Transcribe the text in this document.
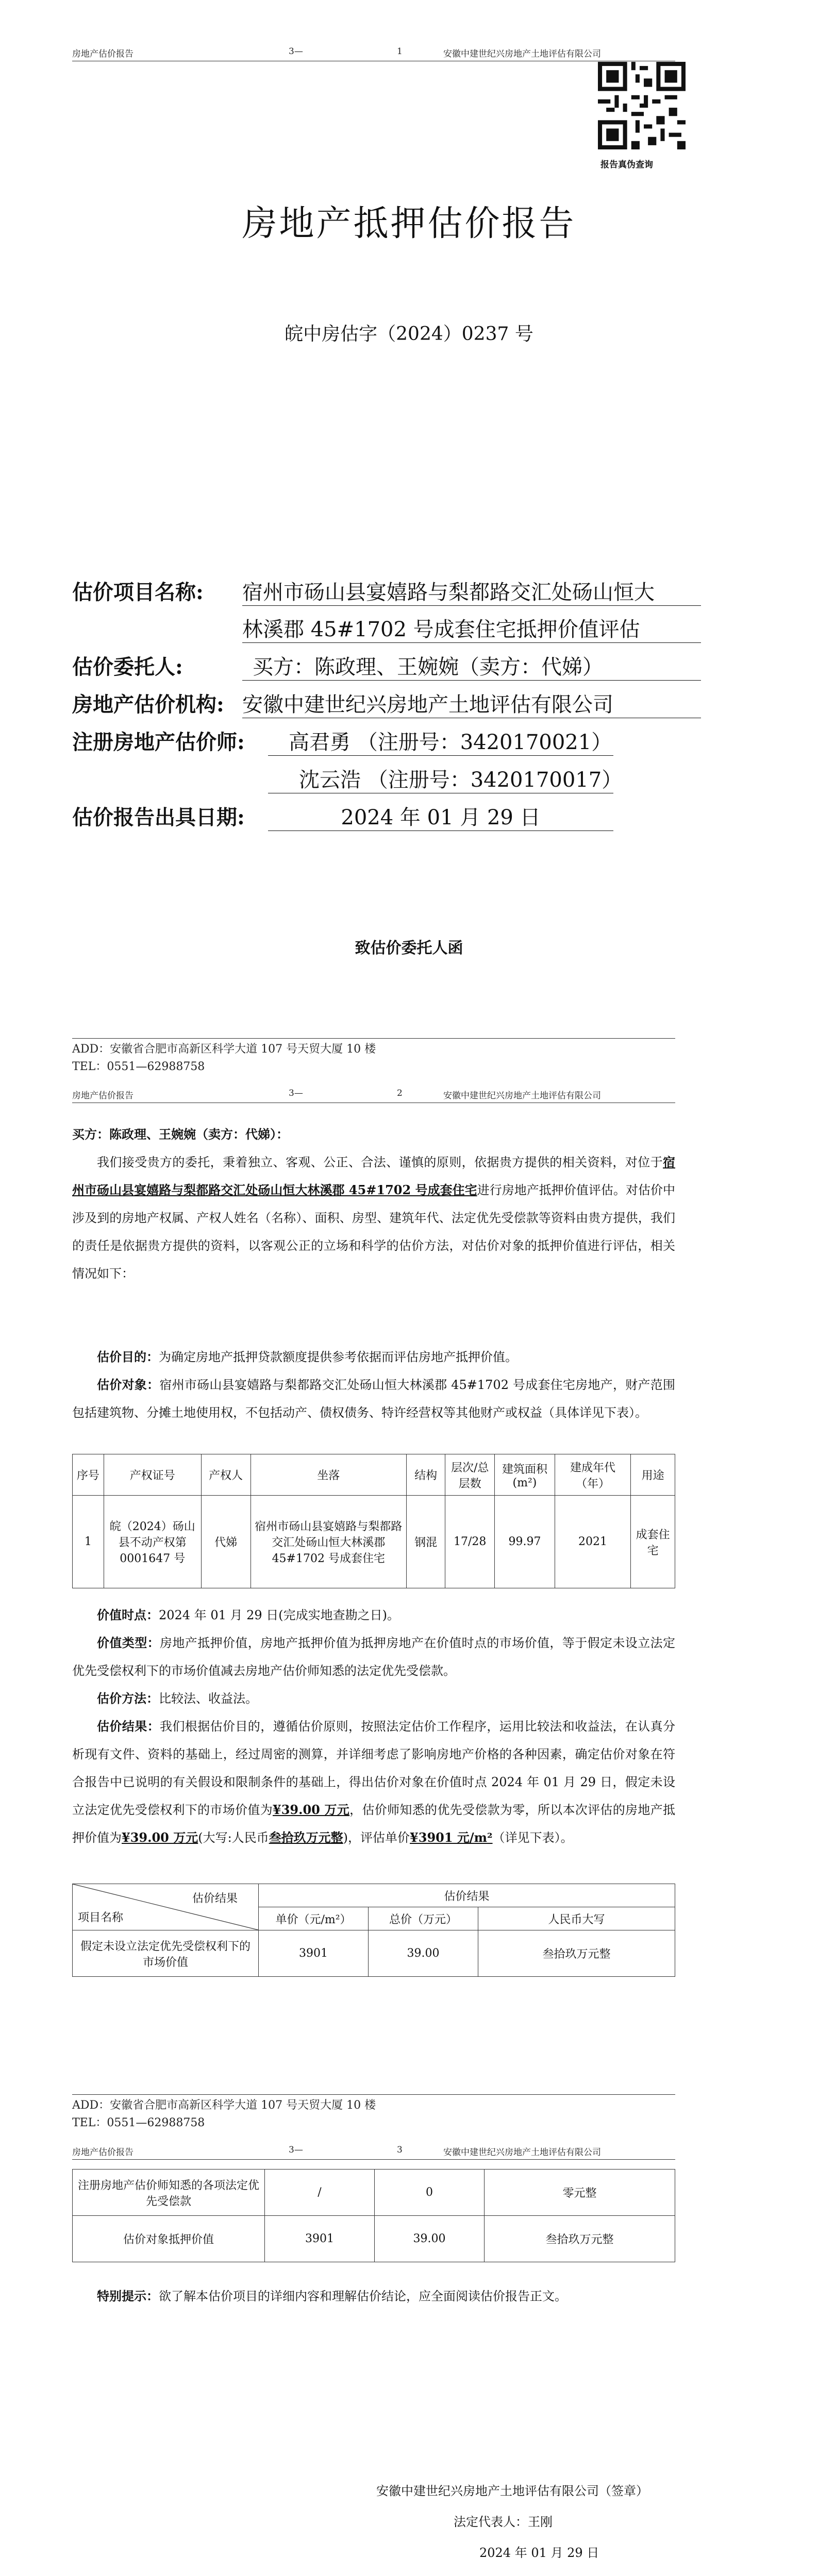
房地产估价报告	3—	1	安徽中建世纪兴房地产土地评估有限公司
报告真伪查询
房地产抵押估价报告
皖中房估字（2024）0237 号
估价项目名称: 宿州市砀山县宴嬉路与梨都路交汇处砀山恒大
林溪郡 45#1702 号成套住宅抵押价值评估
估价委托人:	买方：陈政理、王婉婉（卖方：代娣）
房地产估价机构: 安徽中建世纪兴房地产土地评估有限公司
注册房地产估价师:	高君勇 （注册号：3420170021）
沈云浩 （注册号：3420170017）
估价报告出具日期:	2024 年 01 月 29 日
致估价委托人函
ADD：安徽省合肥市高新区科学大道 107 号天贸大厦 10 楼
TEL：0551—62988758
房地产估价报告	3—	2	安徽中建世纪兴房地产土地评估有限公司
买方：陈政理、王婉婉（卖方：代娣）：
我们接受贵方的委托，秉着独立、客观、公正、合法、谨慎的原则，依据贵方提供的相关资料，对位于宿州市砀山县宴嬉路与梨都路交汇处砀山恒大林溪郡 45#1702 号成套住宅进行房地产抵押价值评估。对估价中涉及到的房地产权属、产权人姓名（名称）、面积、房型、建筑年代、法定优先受偿款等资料由贵方提供，我们的责任是依据贵方提供的资料，以客观公正的立场和科学的估价方法，对估价对象的抵押价值进行评估，相关情况如下：
估价目的：为确定房地产抵押贷款额度提供参考依据而评估房地产抵押价值。
估价对象：宿州市砀山县宴嬉路与梨都路交汇处砀山恒大林溪郡 45#1702 号成套住宅房地产，财产范围包括建筑物、分摊土地使用权，不包括动产、债权债务、特许经营权等其他财产或权益（具体详见下表）。
序号	产权证号	产权人	坐落	结构	层次/总层数	建筑面积(m²)	建成年代（年）	用途
1	皖（2024）砀山县不动产权第 0001647 号	代娣	宿州市砀山县宴嬉路与梨都路交汇处砀山恒大林溪郡 45#1702 号成套住宅	钢混	17/28	99.97	2021	成套住宅
价值时点：2024 年 01 月 29 日(完成实地查勘之日)。
价值类型：房地产抵押价值，房地产抵押价值为抵押房地产在价值时点的市场价值，等于假定未设立法定优先受偿权利下的市场价值减去房地产估价师知悉的法定优先受偿款。
估价方法：比较法、收益法。
估价结果：我们根据估价目的，遵循估价原则，按照法定估价工作程序，运用比较法和收益法，在认真分析现有文件、资料的基础上，经过周密的测算，并详细考虑了影响房地产价格的各种因素，确定估价对象在符合报告中已说明的有关假设和限制条件的基础上，得出估价对象在价值时点 2024 年 01 月 29 日，假定未设立法定优先受偿权利下的市场价值为¥39.00 万元，估价师知悉的优先受偿款为零，所以本次评估的房地产抵押价值为¥39.00 万元(大写:人民币叁拾玖万元整)，评估单价¥3901 元/m²（详见下表）。
估价结果
项目名称	估价结果		
	单价（元/m²）	总价（万元）	人民币大写
假定未设立法定优先受偿权利下的市场价值	3901	39.00	叁拾玖万元整
ADD：安徽省合肥市高新区科学大道 107 号天贸大厦 10 楼
TEL：0551—62988758
房地产估价报告	3—	3	安徽中建世纪兴房地产土地评估有限公司
注册房地产估价师知悉的各项法定优先受偿款	/	0	零元整
估价对象抵押价值	3901	39.00	叁拾玖万元整
特别提示：欲了解本估价项目的详细内容和理解估价结论，应全面阅读估价报告正文。
安徽中建世纪兴房地产土地评估有限公司（签章）
法定代表人：王刚
2024 年 01 月 29 日
